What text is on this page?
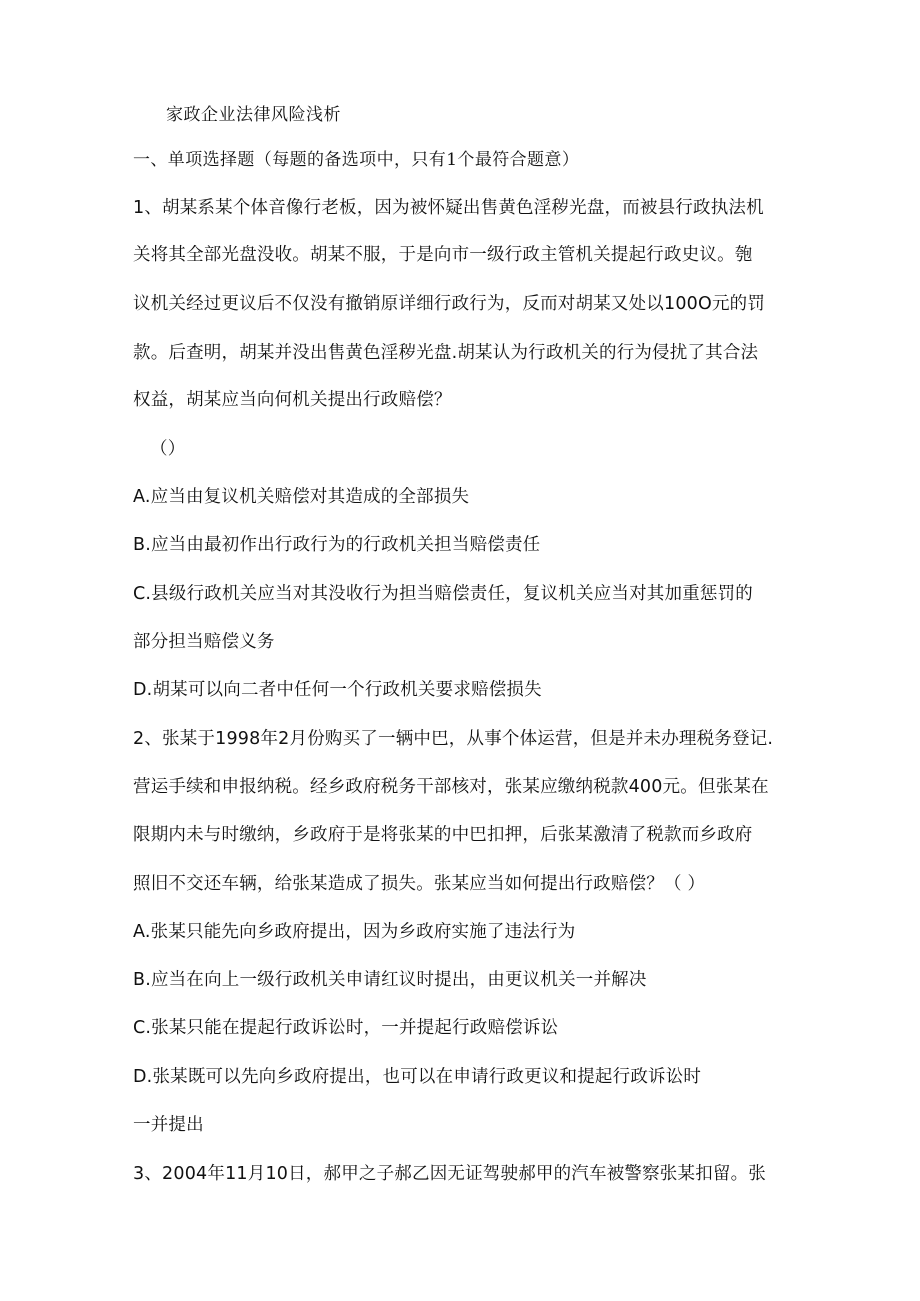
家政企业法律风险浅析
一、单项选择题（每题的备选项中，只有1个最符合题意）
1、胡某系某个体音像行老板，因为被怀疑出售黄色淫秽光盘，而被县行政执法机
关将其全部光盘没收。胡某不服，于是向市一级行政主管机关提起行政史议。匏
议机关经过更议后不仅没有撤销原详细行政行为，反而对胡某又处以100O元的罚
款。后查明，胡某并没出售黄色淫秽光盘.胡某认为行政机关的行为侵扰了其合法
权益，胡某应当向何机关提出行政赔偿？
（）
A.应当由复议机关赔偿对其造成的全部损失
B.应当由最初作出行政行为的行政机关担当赔偿责任
C.县级行政机关应当对其没收行为担当赔偿责任，复议机关应当对其加重惩罚的
部分担当赔偿义务
D.胡某可以向二者中任何一个行政机关要求赔偿损失
2、张某于1998年2月份购买了一辆中巴，从事个体运营，但是并未办理税务登记.
营运手续和申报纳税。经乡政府税务干部核对，张某应缴纳税款400元。但张某在
限期内未与时缴纳，乡政府于是将张某的中巴扣押，后张某激清了税款而乡政府
照旧不交还车辆，给张某造成了损失。张某应当如何提出行政赔偿？（ ）
A.张某只能先向乡政府提出，因为乡政府实施了违法行为
B.应当在向上一级行政机关申请红议时提出，由更议机关一并解决
C.张某只能在提起行政诉讼时，一并提起行政赔偿诉讼
D.张某既可以先向乡政府提出，也可以在申请行政更议和提起行政诉讼时
一并提出
3、2004年11月10日，郝甲之子郝乙因无证驾驶郝甲的汽车被警察张某扣留。张
